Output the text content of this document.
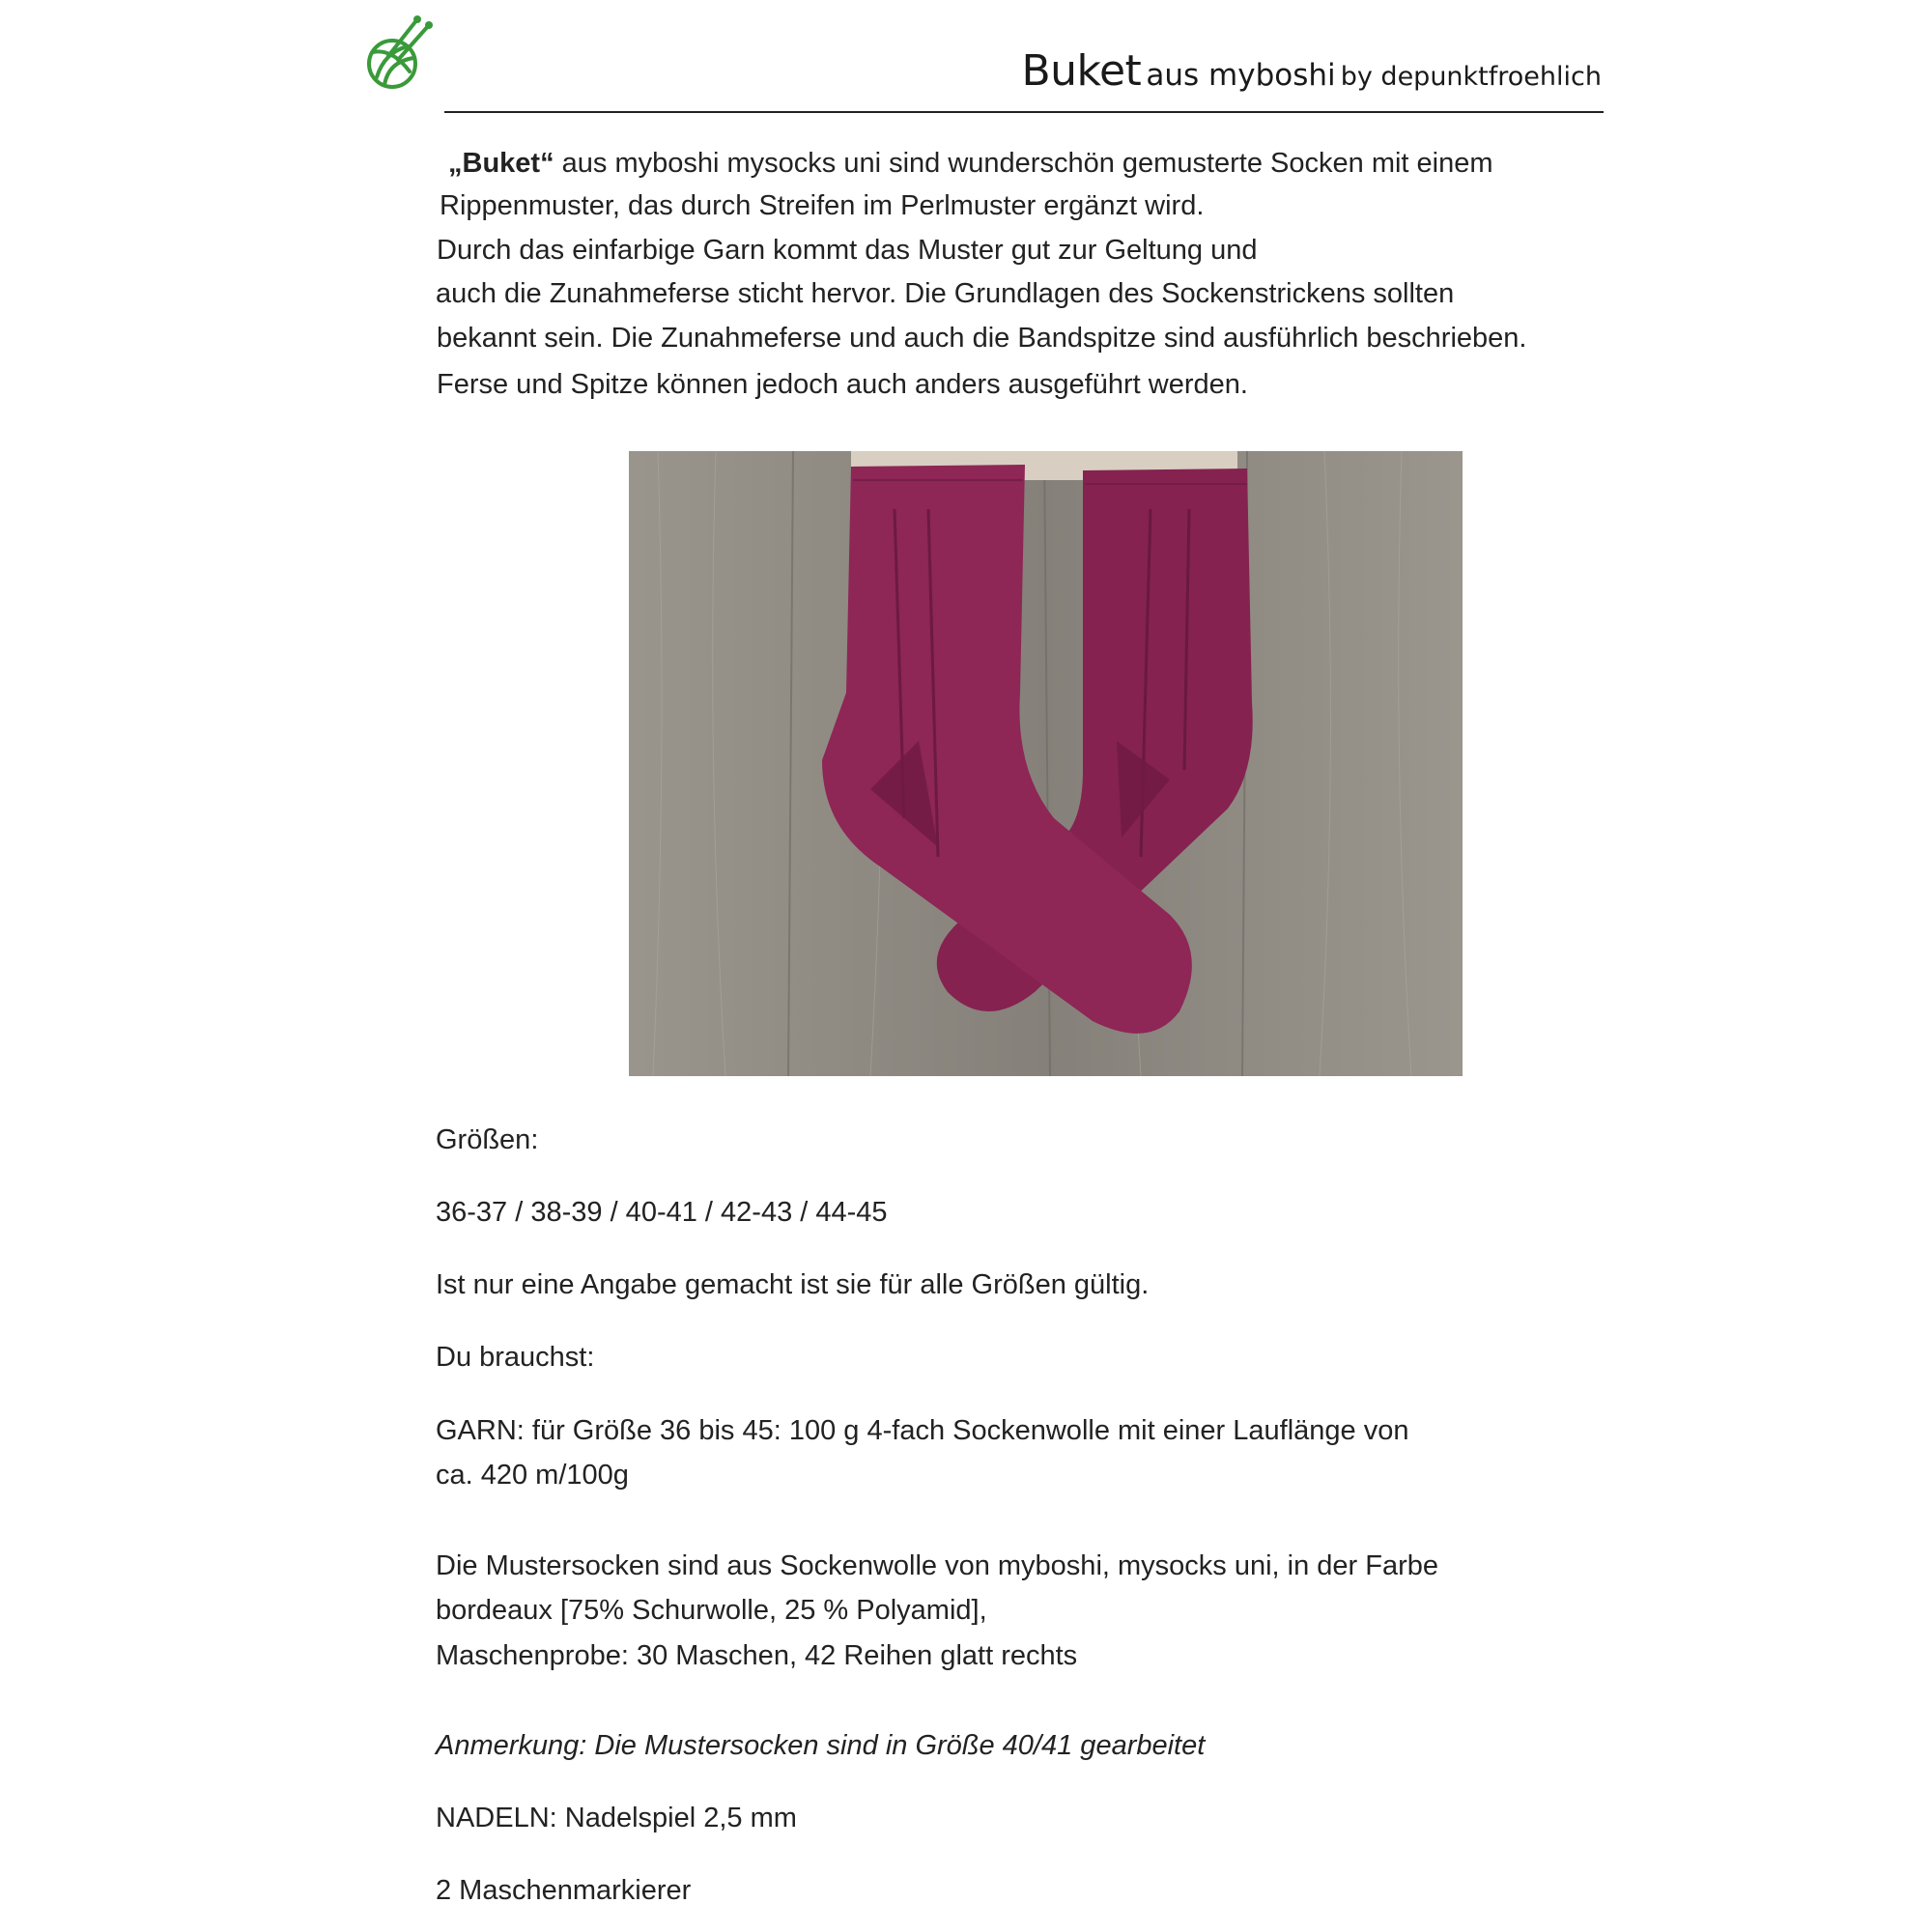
Buket aus myboshi by depunktfroehlich
„Buket“ aus myboshi mysocks uni sind wunderschön gemusterte Socken mit einem
Rippenmuster, das durch Streifen im Perlmuster ergänzt wird.
Durch das einfarbige Garn kommt das Muster gut zur Geltung und
auch die Zunahmeferse sticht hervor. Die Grundlagen des Sockenstrickens sollten
bekannt sein. Die Zunahmeferse und auch die Bandspitze sind ausführlich beschrieben.
Ferse und Spitze können jedoch auch anders ausgeführt werden.
Größen:
36-37 / 38-39 / 40-41 / 42-43 / 44-45
Ist nur eine Angabe gemacht ist sie für alle Größen gültig.
Du brauchst:
GARN: für Größe 36 bis 45: 100 g 4-fach Sockenwolle mit einer Lauflänge von
ca. 420 m/100g
Die Mustersocken sind aus Sockenwolle von myboshi, mysocks uni, in der Farbe
bordeaux [75% Schurwolle, 25 % Polyamid],
Maschenprobe: 30 Maschen, 42 Reihen glatt rechts
Anmerkung: Die Mustersocken sind in Größe 40/41 gearbeitet
NADELN: Nadelspiel 2,5 mm
2 Maschenmarkierer
